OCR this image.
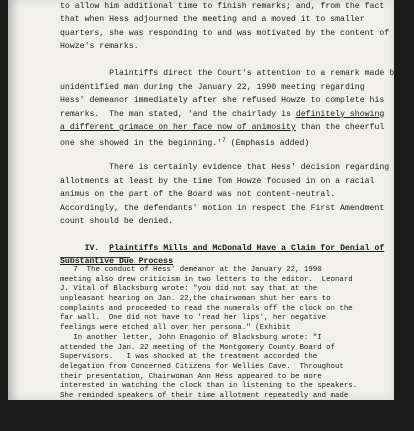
to allow him additional time to finish remarks; and, from the fact
that when Hess adjourned the meeting and a moved it to smaller
quarters, she was responding to and was motivated by the content of
Howze's remarks.
Plaintiffs direct the Court's attention to a remark made by an
unidentified man during the January 22, 1990 meeting regarding
Hess' demeanor immediately after she refused Howze to complete his
remarks.  The man stated, 'and the chairlady is definitely showing
a different grimace on her face now of animosity than the cheerful
one she showed in the $beginning.'^7$ (Emphasis added)
There is certainly evidence that Hess' decision regarding time
allotments at least by the time Tom Howze focused in on a racial
animus on the part of the Board was not content-neutral.
Accordingly, the defendants' motion in respect the First Amendment
count should be denied.
IV. Plaintiffs Mills and McDonald Have a Claim for Denial of
Substantive Due Process
7  The conduct of Hess' demeanor at the January 22, 1990
meeting also drew criticism in two letters to the editor.  Leonard
J. Vital of Blacksburg wrote: "you did not say that at the
unpleasant hearing on Jan. 22,the chairwoman shut her ears to
complaints and proceeded to read the numerals off the clock on the
far wall.  One did not have to 'read her lips', her negative
feelings were etched all over her persona." (Exhibit
In another letter, John Enagonio of Blacksburg wrote: "I
attended the Jan. 22 meeting of the Montgomery County Board of
Supervisors.   I was shocked at the treatment accorded the
delegation from Concerned Citizens for Wellies Cave.  Throughout
their presentation, Chairwoman Ann Hess appeared to be more
interested in watching the clock than in listening to the speakers.
She reminded speakers of their time allotment repeatedly and made
it clear that her main concern was getting finished with the
presentation rather than hearing the information.  She refused to
allow an additional 10 minutes to their 30-minute allotment."
